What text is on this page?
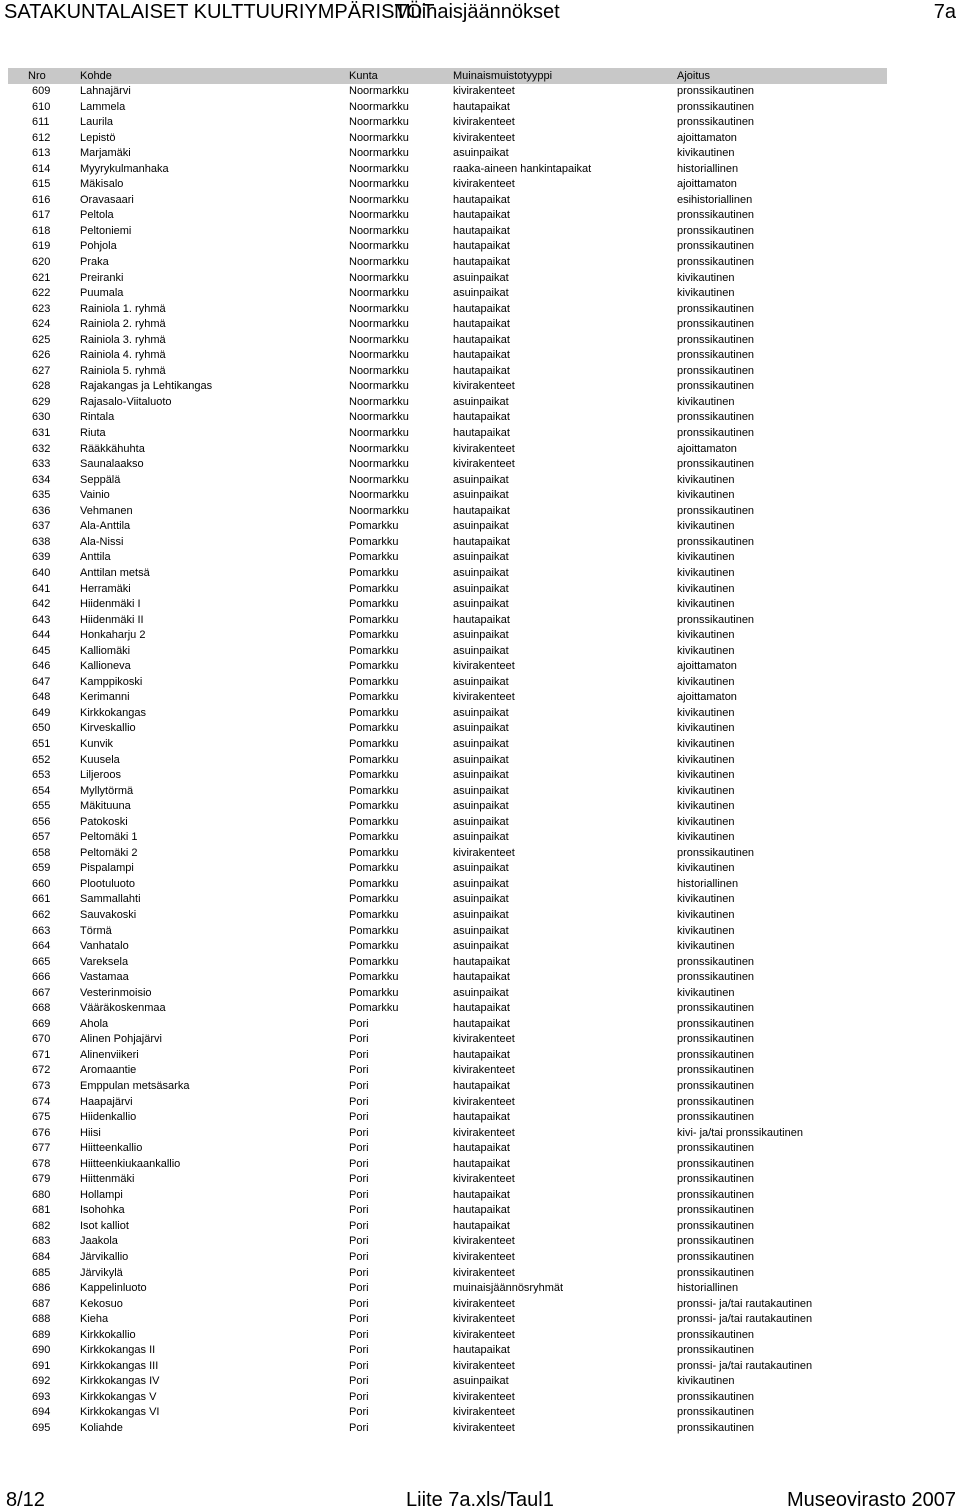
SATAKUNTALAISET KULTTUURIYMPÄRISTÖT
Muinaisjäännökset	7a
Nro	Kohde	Kunta	Muinaismuistotyyppi	Ajoitus
609	Lahnajärvi	Noormarkku	kivirakenteet	pronssikautinen
610	Lammela	Noormarkku	hautapaikat	pronssikautinen
611	Laurila	Noormarkku	kivirakenteet	pronssikautinen
612	Lepistö	Noormarkku	kivirakenteet	ajoittamaton
613	Marjamäki	Noormarkku	asuinpaikat	kivikautinen
614	Myyrykulmanhaka	Noormarkku	raaka-aineen hankintapaikat	historiallinen
615	Mäkisalo	Noormarkku	kivirakenteet	ajoittamaton
616	Oravasaari	Noormarkku	hautapaikat	esihistoriallinen
617	Peltola	Noormarkku	hautapaikat	pronssikautinen
618	Peltoniemi	Noormarkku	hautapaikat	pronssikautinen
619	Pohjola	Noormarkku	hautapaikat	pronssikautinen
620	Praka	Noormarkku	hautapaikat	pronssikautinen
621	Preiranki	Noormarkku	asuinpaikat	kivikautinen
622	Puumala	Noormarkku	asuinpaikat	kivikautinen
623	Rainiola 1. ryhmä	Noormarkku	hautapaikat	pronssikautinen
624	Rainiola 2. ryhmä	Noormarkku	hautapaikat	pronssikautinen
625	Rainiola 3. ryhmä	Noormarkku	hautapaikat	pronssikautinen
626	Rainiola 4. ryhmä	Noormarkku	hautapaikat	pronssikautinen
627	Rainiola 5. ryhmä	Noormarkku	hautapaikat	pronssikautinen
628	Rajakangas ja Lehtikangas	Noormarkku	kivirakenteet	pronssikautinen
629	Rajasalo-Viitaluoto	Noormarkku	asuinpaikat	kivikautinen
630	Rintala	Noormarkku	hautapaikat	pronssikautinen
631	Riuta	Noormarkku	hautapaikat	pronssikautinen
632	Rääkkähuhta	Noormarkku	kivirakenteet	ajoittamaton
633	Saunalaakso	Noormarkku	kivirakenteet	pronssikautinen
634	Seppälä	Noormarkku	asuinpaikat	kivikautinen
635	Vainio	Noormarkku	asuinpaikat	kivikautinen
636	Vehmanen	Noormarkku	hautapaikat	pronssikautinen
637	Ala-Anttila	Pomarkku	asuinpaikat	kivikautinen
638	Ala-Nissi	Pomarkku	hautapaikat	pronssikautinen
639	Anttila	Pomarkku	asuinpaikat	kivikautinen
640	Anttilan metsä	Pomarkku	asuinpaikat	kivikautinen
641	Herramäki	Pomarkku	asuinpaikat	kivikautinen
642	Hiidenmäki I	Pomarkku	asuinpaikat	kivikautinen
643	Hiidenmäki II	Pomarkku	hautapaikat	pronssikautinen
644	Honkaharju 2	Pomarkku	asuinpaikat	kivikautinen
645	Kalliomäki	Pomarkku	asuinpaikat	kivikautinen
646	Kallioneva	Pomarkku	kivirakenteet	ajoittamaton
647	Kamppikoski	Pomarkku	asuinpaikat	kivikautinen
648	Kerimanni	Pomarkku	kivirakenteet	ajoittamaton
649	Kirkkokangas	Pomarkku	asuinpaikat	kivikautinen
650	Kirveskallio	Pomarkku	asuinpaikat	kivikautinen
651	Kunvik	Pomarkku	asuinpaikat	kivikautinen
652	Kuusela	Pomarkku	asuinpaikat	kivikautinen
653	Liljeroos	Pomarkku	asuinpaikat	kivikautinen
654	Myllytörmä	Pomarkku	asuinpaikat	kivikautinen
655	Mäkituuna	Pomarkku	asuinpaikat	kivikautinen
656	Patokoski	Pomarkku	asuinpaikat	kivikautinen
657	Peltomäki 1	Pomarkku	asuinpaikat	kivikautinen
658	Peltomäki 2	Pomarkku	kivirakenteet	pronssikautinen
659	Pispalampi	Pomarkku	asuinpaikat	kivikautinen
660	Plootuluoto	Pomarkku	asuinpaikat	historiallinen
661	Sammallahti	Pomarkku	asuinpaikat	kivikautinen
662	Sauvakoski	Pomarkku	asuinpaikat	kivikautinen
663	Törmä	Pomarkku	asuinpaikat	kivikautinen
664	Vanhatalo	Pomarkku	asuinpaikat	kivikautinen
665	Vareksela	Pomarkku	hautapaikat	pronssikautinen
666	Vastamaa	Pomarkku	hautapaikat	pronssikautinen
667	Vesterinmoisio	Pomarkku	asuinpaikat	kivikautinen
668	Vääräkoskenmaa	Pomarkku	hautapaikat	pronssikautinen
669	Ahola	Pori	hautapaikat	pronssikautinen
670	Alinen Pohjajärvi	Pori	kivirakenteet	pronssikautinen
671	Alinenviikeri	Pori	hautapaikat	pronssikautinen
672	Aromaantie	Pori	kivirakenteet	pronssikautinen
673	Emppulan metsäsarka	Pori	hautapaikat	pronssikautinen
674	Haapajärvi	Pori	kivirakenteet	pronssikautinen
675	Hiidenkallio	Pori	hautapaikat	pronssikautinen
676	Hiisi	Pori	kivirakenteet	kivi- ja/tai pronssikautinen
677	Hiitteenkallio	Pori	hautapaikat	pronssikautinen
678	Hiitteenkiukaankallio	Pori	hautapaikat	pronssikautinen
679	Hiittenmäki	Pori	kivirakenteet	pronssikautinen
680	Hollampi	Pori	hautapaikat	pronssikautinen
681	Isohohka	Pori	hautapaikat	pronssikautinen
682	Isot kalliot	Pori	hautapaikat	pronssikautinen
683	Jaakola	Pori	kivirakenteet	pronssikautinen
684	Järvikallio	Pori	kivirakenteet	pronssikautinen
685	Järvikylä	Pori	kivirakenteet	pronssikautinen
686	Kappelinluoto	Pori	muinaisjäännösryhmät	historiallinen
687	Kekosuo	Pori	kivirakenteet	pronssi- ja/tai rautakautinen
688	Kieha	Pori	kivirakenteet	pronssi- ja/tai rautakautinen
689	Kirkkokallio	Pori	kivirakenteet	pronssikautinen
690	Kirkkokangas II	Pori	hautapaikat	pronssikautinen
691	Kirkkokangas III	Pori	kivirakenteet	pronssi- ja/tai rautakautinen
692	Kirkkokangas IV	Pori	asuinpaikat	kivikautinen
693	Kirkkokangas V	Pori	kivirakenteet	pronssikautinen
694	Kirkkokangas VI	Pori	kivirakenteet	pronssikautinen
695	Koliahde	Pori	kivirakenteet	pronssikautinen
8/12	Liite 7a.xls/Taul1	Museovirasto 2007
